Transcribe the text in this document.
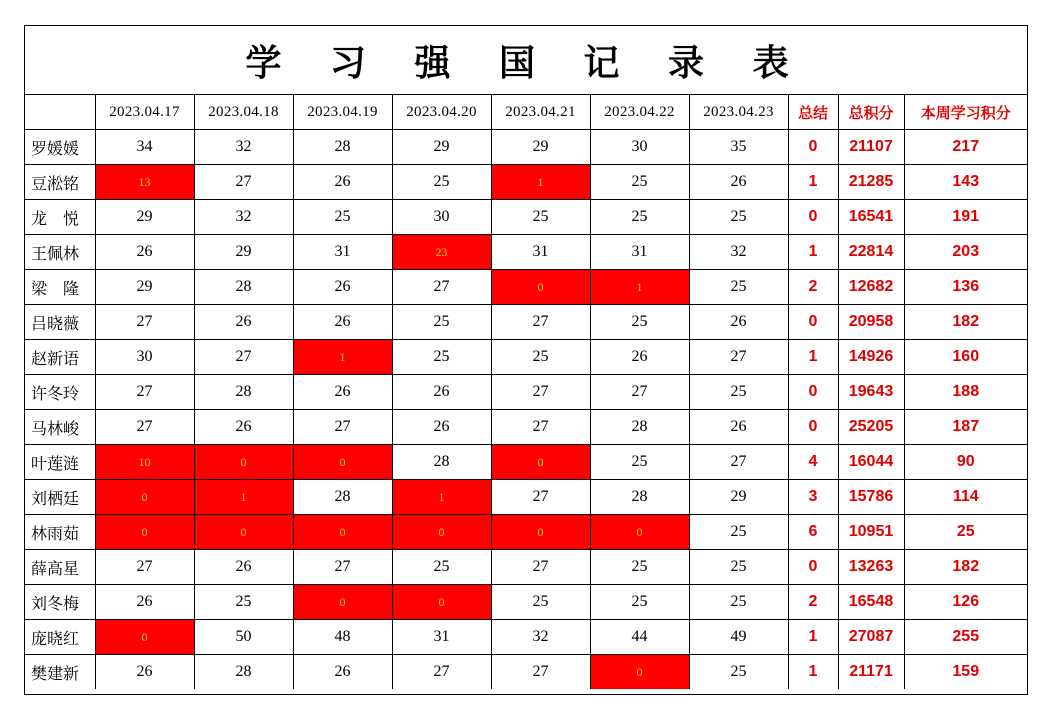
学 习 强 国 记 录 表
	2023.04.17	2023.04.18	2023.04.19	2023.04.20	2023.04.21	2023.04.22	2023.04.23	总结	总积分	本周学习积分
罗媛媛	34	32	28	29	29	30	35	0	21107	217
豆淞铭	13	27	26	25	1	25	26	1	21285	143
龙　悦	29	32	25	30	25	25	25	0	16541	191
王佩林	26	29	31	23	31	31	32	1	22814	203
梁　隆	29	28	26	27	0	1	25	2	12682	136
吕晓薇	27	26	26	25	27	25	26	0	20958	182
赵新语	30	27	1	25	25	26	27	1	14926	160
许冬玲	27	28	26	26	27	27	25	0	19643	188
马林峻	27	26	27	26	27	28	26	0	25205	187
叶莲涟	10	0	0	28	0	25	27	4	16044	90
刘栖廷	0	1	28	1	27	28	29	3	15786	114
林雨茹	0	0	0	0	0	0	25	6	10951	25
薛高星	27	26	27	25	27	25	25	0	13263	182
刘冬梅	26	25	0	0	25	25	25	2	16548	126
庞晓红	0	50	48	31	32	44	49	1	27087	255
樊建新	26	28	26	27	27	0	25	1	21171	159
